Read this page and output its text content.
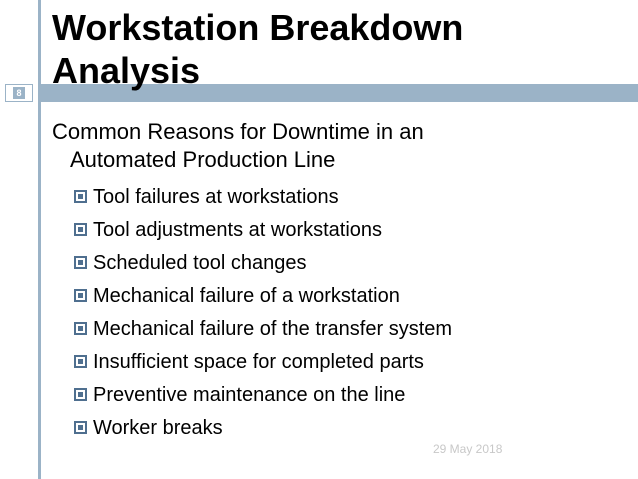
8
Workstation Breakdown Analysis

Common Reasons for Downtime in an
Automated Production Line

Tool failures at workstations
Tool adjustments at workstations
Scheduled tool changes
Mechanical failure of a workstation
Mechanical failure of the transfer system
Insufficient space for completed parts
Preventive maintenance on the line
Worker breaks
29 May 2018
